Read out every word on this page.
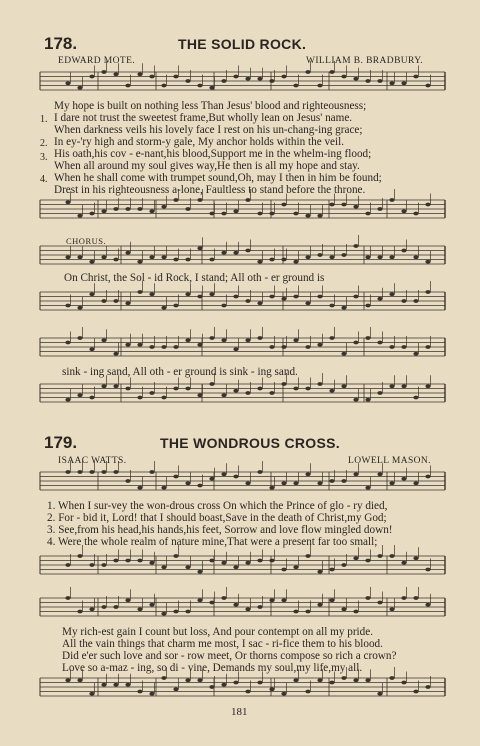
178.	THE SOLID ROCK.
EDWARD MOTE.	WILLIAM B. BRADBURY.
1.
2.
3.
4.
Μy hope is built on nothing less Than Jesus' blood and righteousness;
I dare not trust the sweetest frame,But wholly lean on Jesus' name.
When darkness veils his lovely face I rest on his un-chang-ing grace;
In ey-'ry high and storm-y gale, My anchor holds within the veil.
His oath,his cov - e-nant,his blood,Support me in the whelm-ing flood;
When all around my soul gives way,He then is all my hope and stay.
When he shall come with trumpet sound,Oh, may I then in him be found;
Drest in his righteousness a-lone, Faultless to stand before the throne.
CHORUS.
On Christ, the Sol - id Rock, I stand; All oth - er ground is
sink - ing sand, All oth - er ground is sink - ing sand.
179.	THE WONDROUS CROSS.
ISAAC WATTS.	LOWELL MASON.
1. When I sur-vey the won-drous cross On which the Prince of glo - ry died,
2. For - bid it, Lord! that I should boast,Save in the death of Christ,my God;
3. See,from his head,his hands,his feet, Sorrow and love flow mingled down!
4. Were the whole realm of nature mine,That were a present far too small;
My rich-est gain I count but loss, And pour contempt on all my pride.
All the vain things that charm me most, I sac - ri-fice them to his blood.
Did e'er such love and sor - row meet, Or thorns compose so rich a crown?
Love so a-maz - ing, so di - vine, Demands my soul,my life,my all.
181
